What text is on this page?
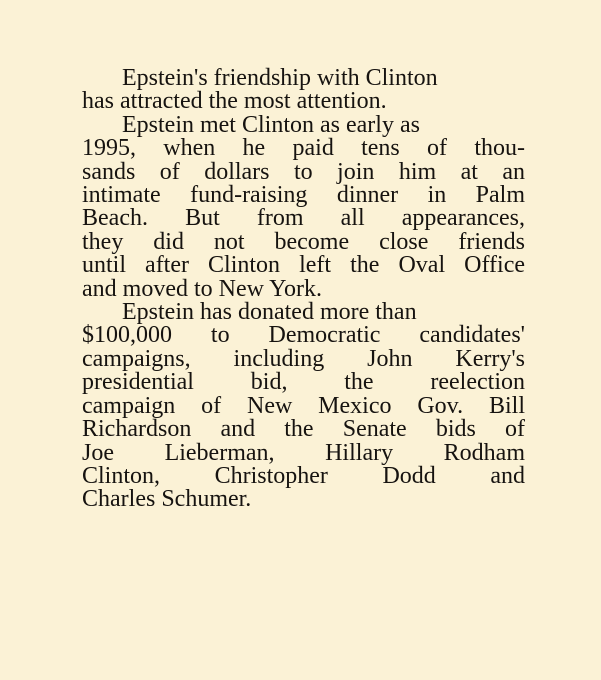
Epstein's friendship with Clinton
has attracted the most attention.

Epstein met Clinton as early as
1995, when he paid tens of thou-
sands of dollars to join him at an
intimate fund-raising dinner in Palm
Beach. But from all appearances,
they did not become close friends
until after Clinton left the Oval Office
and moved to New York.

Epstein has donated more than
$100,000 to Democratic candidates'
campaigns, including John Kerry's
presidential bid, the reelection
campaign of New Mexico Gov. Bill
Richardson and the Senate bids of
Joe Lieberman, Hillary Rodham
Clinton, Christopher Dodd and
Charles Schumer.
